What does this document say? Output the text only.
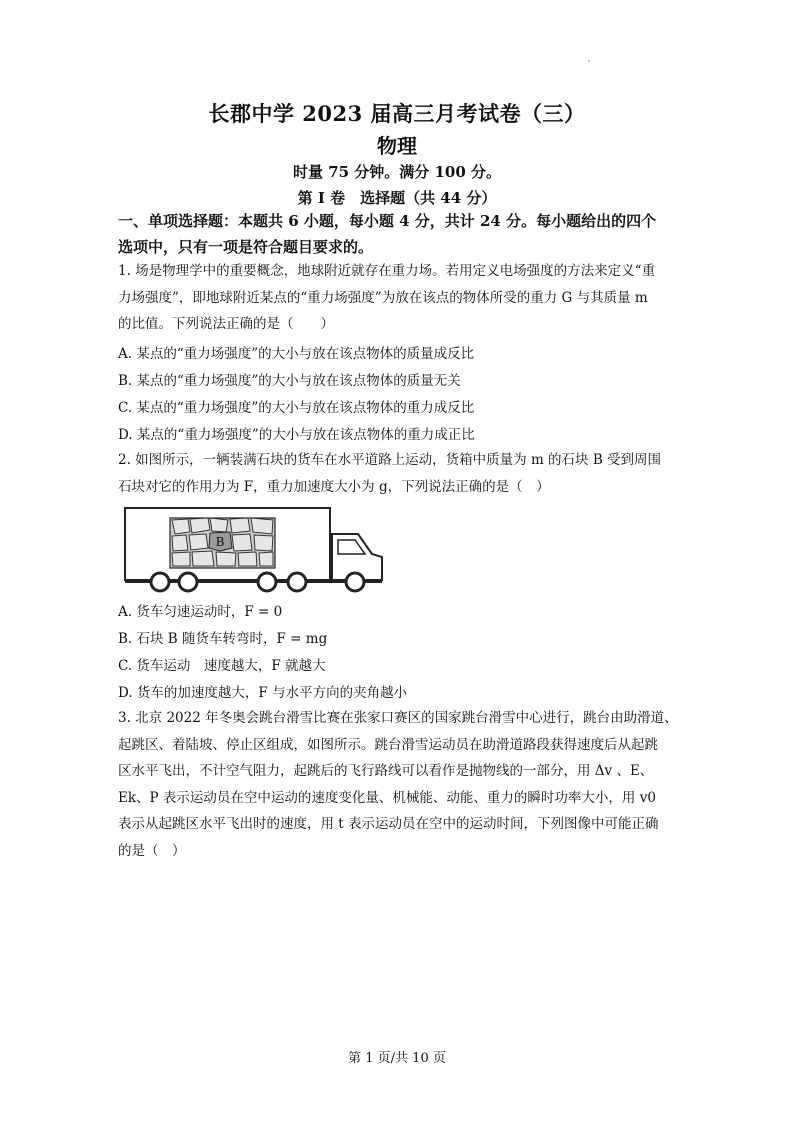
长郡中学 2023 届高三月考试卷（三）
物理
时量 75 分钟。满分 100 分。
第 I 卷　选择题（共 44 分）
一、单项选择题：本题共 6 小题，每小题 4 分，共计 24 分。每小题给出的四个
选项中，只有一项是符合题目要求的。
1. 场是物理学中的重要概念，地球附近就存在重力场。若用定义电场强度的方法来定义“重
力场强度”，即地球附近某点的“重力场强度”为放在该点的物体所受的重力 G 与其质量 m
的比值。下列说法正确的是（　　）
A. 某点的“重力场强度”的大小与放在该点物体的质量成反比
B. 某点的“重力场强度”的大小与放在该点物体的质量无关
C. 某点的“重力场强度”的大小与放在该点物体的重力成反比
D. 某点的“重力场强度”的大小与放在该点物体的重力成正比
2. 如图所示，一辆装满石块的货车在水平道路上运动，货箱中质量为 m 的石块 B 受到周围
石块对它的作用力为 F，重力加速度大小为 g，下列说法正确的是（　）
B
A. 货车匀速运动时，F = 0
B. 石块 B 随货车转弯时，F = mg
C. 货车运动　速度越大，F 就越大
D. 货车的加速度越大，F 与水平方向的夹角越小
3. 北京 2022 年冬奥会跳台滑雪比赛在张家口赛区的国家跳台滑雪中心进行，跳台由助滑道、
起跳区、着陆坡、停止区组成，如图所示。跳台滑雪运动员在助滑道路段获得速度后从起跳
区水平飞出，不计空气阻力，起跳后的飞行路线可以看作是抛物线的一部分，用 Δv 、E、
Ek、P 表示运动员在空中运动的速度变化量、机械能、动能、重力的瞬时功率大小，用 v0
表示从起跳区水平飞出时的速度，用 t 表示运动员在空中的运动时间，下列图像中可能正确
的是（　）
第 1 页/共 10 页
